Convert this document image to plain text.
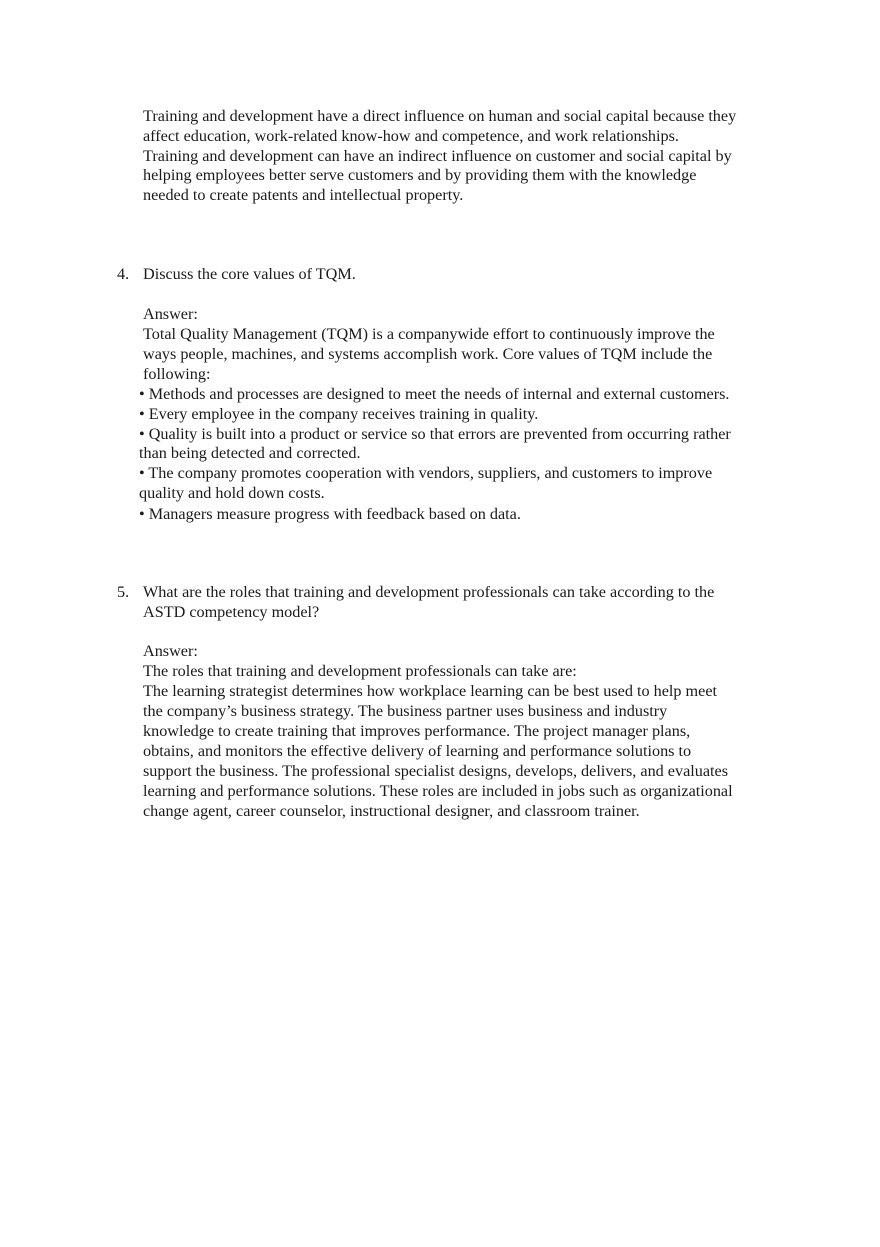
Training and development have a direct influence on human and social capital because they
affect education, work-related know-how and competence, and work relationships.
Training and development can have an indirect influence on customer and social capital by
helping employees better serve customers and by providing them with the knowledge
needed to create patents and intellectual property.
4. Discuss the core values of TQM.
Answer:
Total Quality Management (TQM) is a companywide effort to continuously improve the
ways people, machines, and systems accomplish work. Core values of TQM include the
following:
• Methods and processes are designed to meet the needs of internal and external customers.
• Every employee in the company receives training in quality.
• Quality is built into a product or service so that errors are prevented from occurring rather
than being detected and corrected.
• The company promotes cooperation with vendors, suppliers, and customers to improve
quality and hold down costs.
• Managers measure progress with feedback based on data.
5. What are the roles that training and development professionals can take according to the
ASTD competency model?
Answer:
The roles that training and development professionals can take are:
The learning strategist determines how workplace learning can be best used to help meet
the company’s business strategy. The business partner uses business and industry
knowledge to create training that improves performance. The project manager plans,
obtains, and monitors the effective delivery of learning and performance solutions to
support the business. The professional specialist designs, develops, delivers, and evaluates
learning and performance solutions. These roles are included in jobs such as organizational
change agent, career counselor, instructional designer, and classroom trainer.
